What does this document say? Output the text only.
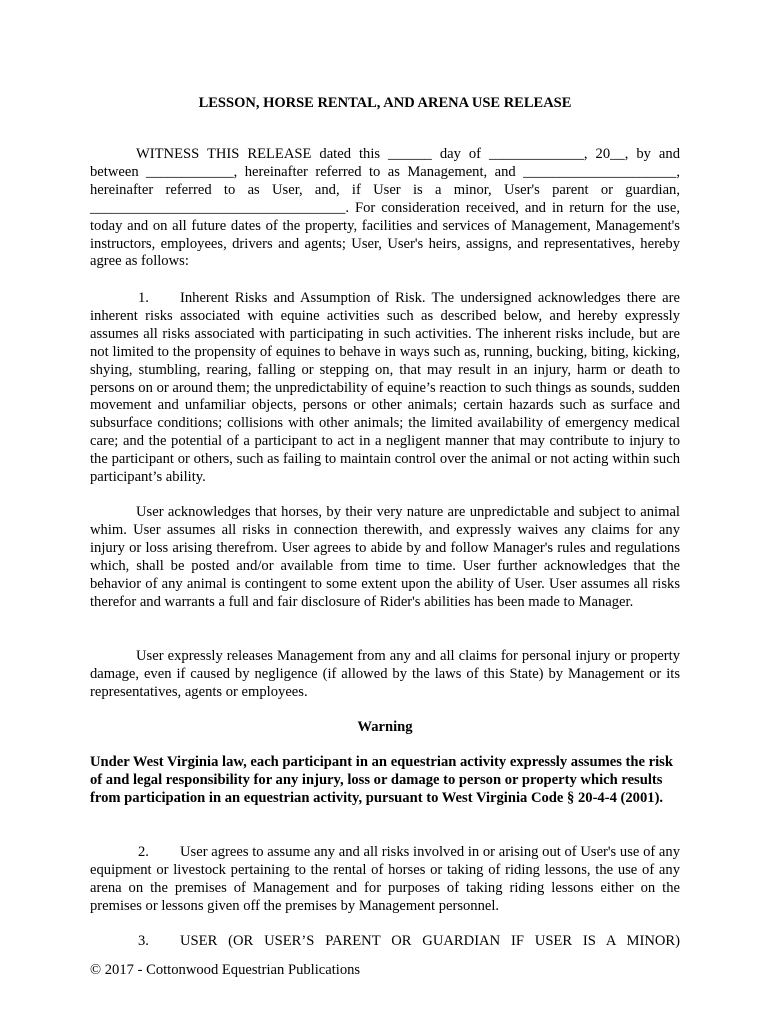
LESSON, HORSE RENTAL, AND ARENA USE RELEASE

WITNESS THIS RELEASE dated this ______ day of _____________, 20__, by and between ____________, hereinafter referred to as Management, and _____________________, hereinafter referred to as User, and, if User is a minor, User's parent or guardian, ___________________________________. For consideration received, and in return for the use, today and on all future dates of the property, facilities and services of Management, Management's instructors, employees, drivers and agents; User, User's heirs, assigns, and representatives, hereby agree as follows:

1. Inherent Risks and Assumption of Risk. The undersigned acknowledges there are inherent risks associated with equine activities such as described below, and hereby expressly assumes all risks associated with participating in such activities. The inherent risks include, but are not limited to the propensity of equines to behave in ways such as, running, bucking, biting, kicking, shying, stumbling, rearing, falling or stepping on, that may result in an injury, harm or death to persons on or around them; the unpredictability of equine’s reaction to such things as sounds, sudden movement and unfamiliar objects, persons or other animals; certain hazards such as surface and subsurface conditions; collisions with other animals; the limited availability of emergency medical care; and the potential of a participant to act in a negligent manner that may contribute to injury to the participant or others, such as failing to maintain control over the animal or not acting within such participant’s ability.

User acknowledges that horses, by their very nature are unpredictable and subject to animal whim. User assumes all risks in connection therewith, and expressly waives any claims for any injury or loss arising therefrom. User agrees to abide by and follow Manager's rules and regulations which, shall be posted and/or available from time to time. User further acknowledges that the behavior of any animal is contingent to some extent upon the ability of User. User assumes all risks therefor and warrants a full and fair disclosure of Rider's abilities has been made to Manager.

User expressly releases Management from any and all claims for personal injury or property damage, even if caused by negligence (if allowed by the laws of this State) by Management or its representatives, agents or employees.

Warning

Under West Virginia law, each participant in an equestrian activity expressly assumes the risk of and legal responsibility for any injury, loss or damage to person or property which results from participation in an equestrian activity, pursuant to West Virginia Code § 20-4-4 (2001).

2. User agrees to assume any and all risks involved in or arising out of User's use of any equipment or livestock pertaining to the rental of horses or taking of riding lessons, the use of any arena on the premises of Management and for purposes of taking riding lessons either on the premises or lessons given off the premises by Management personnel.

3. USER (OR USER’S PARENT OR GUARDIAN IF USER IS A MINOR)

© 2017 - Cottonwood Equestrian Publications
